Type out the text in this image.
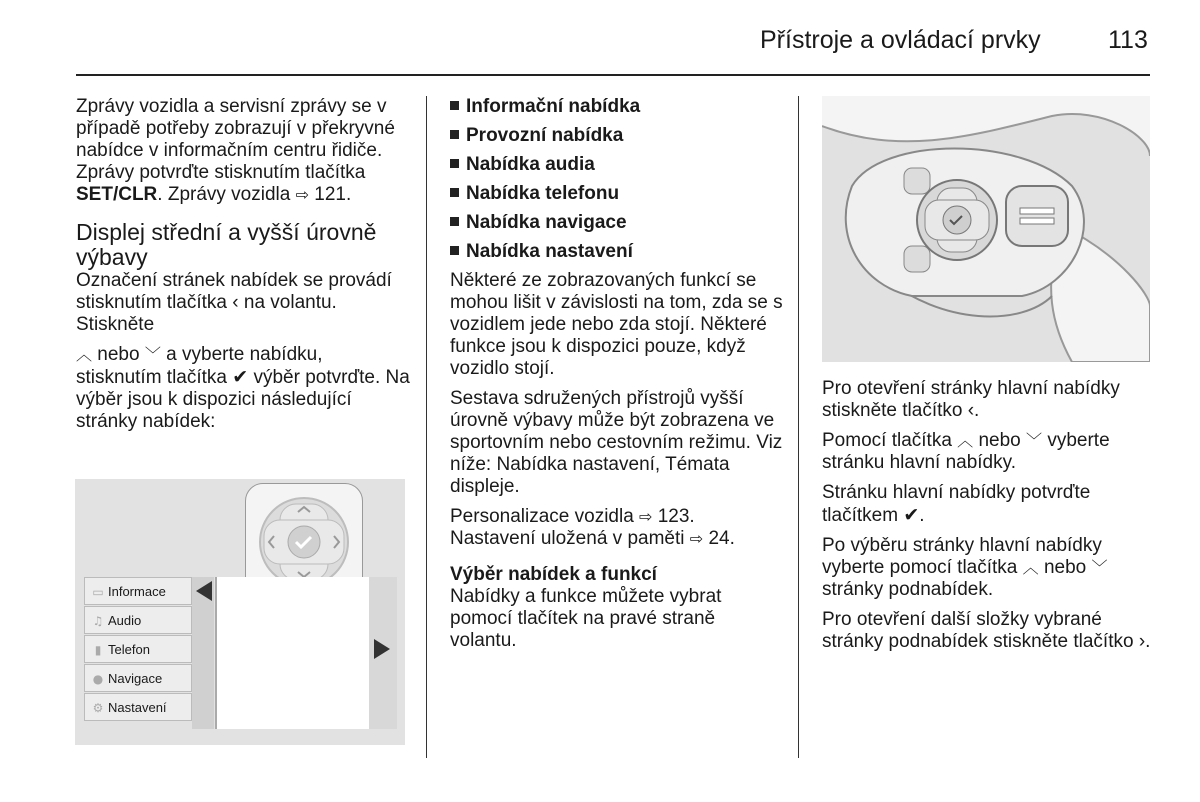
Přístroje a ovládací prvky	113

Zprávy vozidla a servisní zprávy se v případě potřeby zobrazují v překryvné nabídce v informačním centru řidiče. Zprávy potvrďte stisknutím tlačítka SET/CLR. Zprávy vozidla ⇨ 121.

Displej střední a vyšší úrovně výbavy

Označení stránek nabídek se provádí stisknutím tlačítka ‹ na volantu. Stiskněte

︿ nebo ﹀ a vyberte nabídku, stisknutím tlačítka ✔ výběr potvrďte. Na výběr jsou k dispozici následující stránky nabídek:

▭ Informace
♫ Audio
▮ Telefon
● Navigace
⚙ Nastavení
Informační nabídka
Provozní nabídka
Nabídka audia
Nabídka telefonu
Nabídka navigace
Nabídka nastavení

Některé ze zobrazovaných funkcí se mohou lišit v závislosti na tom, zda se s vozidlem jede nebo zda stojí. Některé funkce jsou k dispozici pouze, když vozidlo stojí.

Sestava sdružených přístrojů vyšší úrovně výbavy může být zobrazena ve sportovním nebo cestovním režimu. Viz níže: Nabídka nastavení, Témata displeje.

Personalizace vozidla ⇨ 123.
Nastavení uložená v paměti ⇨ 24.

Výběr nabídek a funkcí

Nabídky a funkce můžete vybrat pomocí tlačítek na pravé straně volantu.

Pro otevření stránky hlavní nabídky stiskněte tlačítko ‹.

Pomocí tlačítka ︿ nebo ﹀ vyberte stránku hlavní nabídky.

Stránku hlavní nabídky potvrďte tlačítkem ✔.

Po výběru stránky hlavní nabídky vyberte pomocí tlačítka ︿ nebo ﹀ stránky podnabídek.

Pro otevření další složky vybrané stránky podnabídek stiskněte tlačítko ›.
